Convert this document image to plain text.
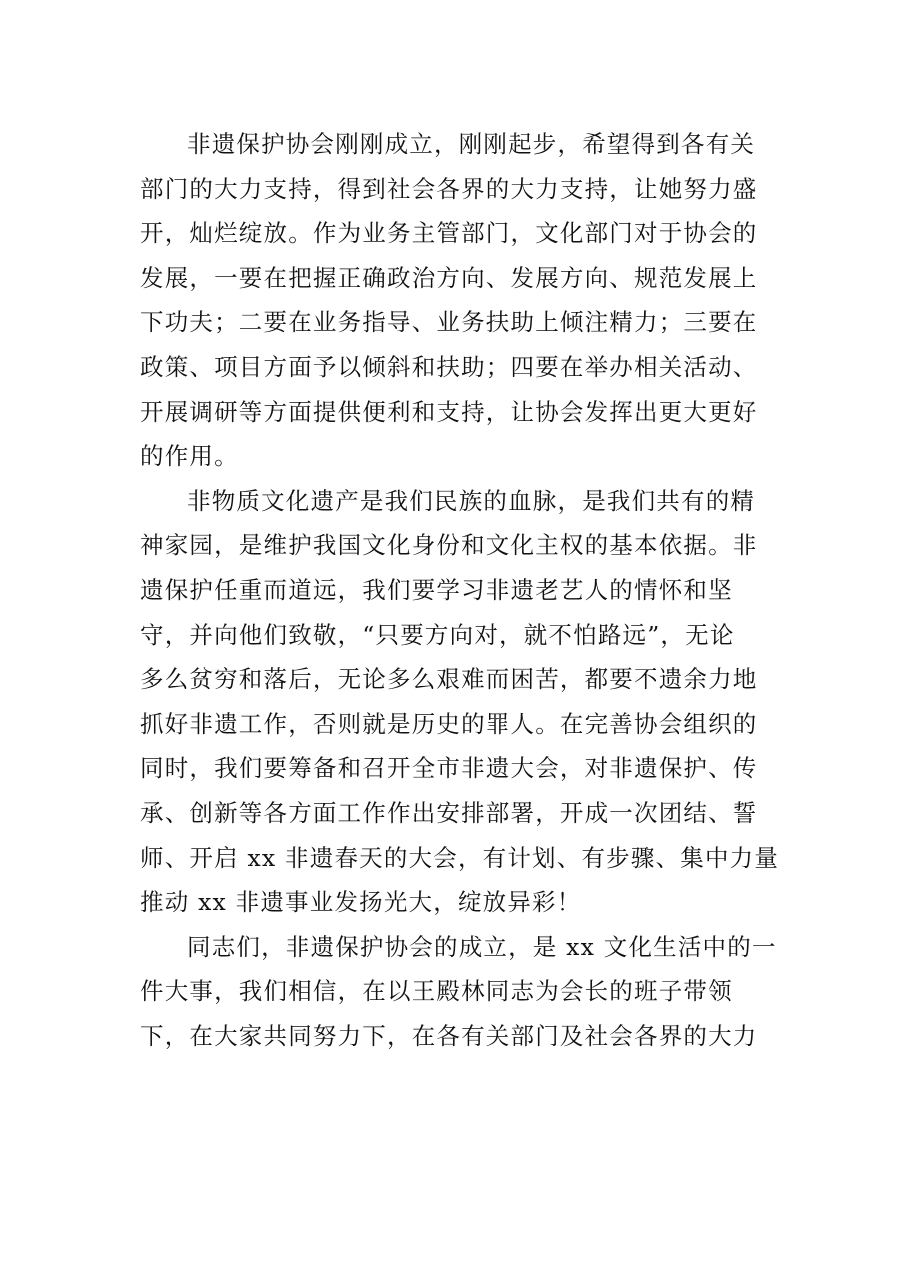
非遗保护协会刚刚成立，刚刚起步，希望得到各有关
部门的大力支持，得到社会各界的大力支持，让她努力盛
开，灿烂绽放。作为业务主管部门，文化部门对于协会的
发展，一要在把握正确政治方向、发展方向、规范发展上
下功夫；二要在业务指导、业务扶助上倾注精力；三要在
政策、项目方面予以倾斜和扶助；四要在举办相关活动、
开展调研等方面提供便利和支持，让协会发挥出更大更好
的作用。

非物质文化遗产是我们民族的血脉，是我们共有的精
神家园，是维护我国文化身份和文化主权的基本依据。非
遗保护任重而道远，我们要学习非遗老艺人的情怀和坚
守，并向他们致敬，“只要方向对，就不怕路远”，无论
多么贫穷和落后，无论多么艰难而困苦，都要不遗余力地
抓好非遗工作，否则就是历史的罪人。在完善协会组织的
同时，我们要筹备和召开全市非遗大会，对非遗保护、传
承、创新等各方面工作作出安排部署，开成一次团结、誓
师、开启 xx 非遗春天的大会，有计划、有步骤、集中力量
推动 xx 非遗事业发扬光大，绽放异彩！

同志们，非遗保护协会的成立，是 xx 文化生活中的一
件大事，我们相信，在以王殿林同志为会长的班子带领
下，在大家共同努力下，在各有关部门及社会各界的大力
